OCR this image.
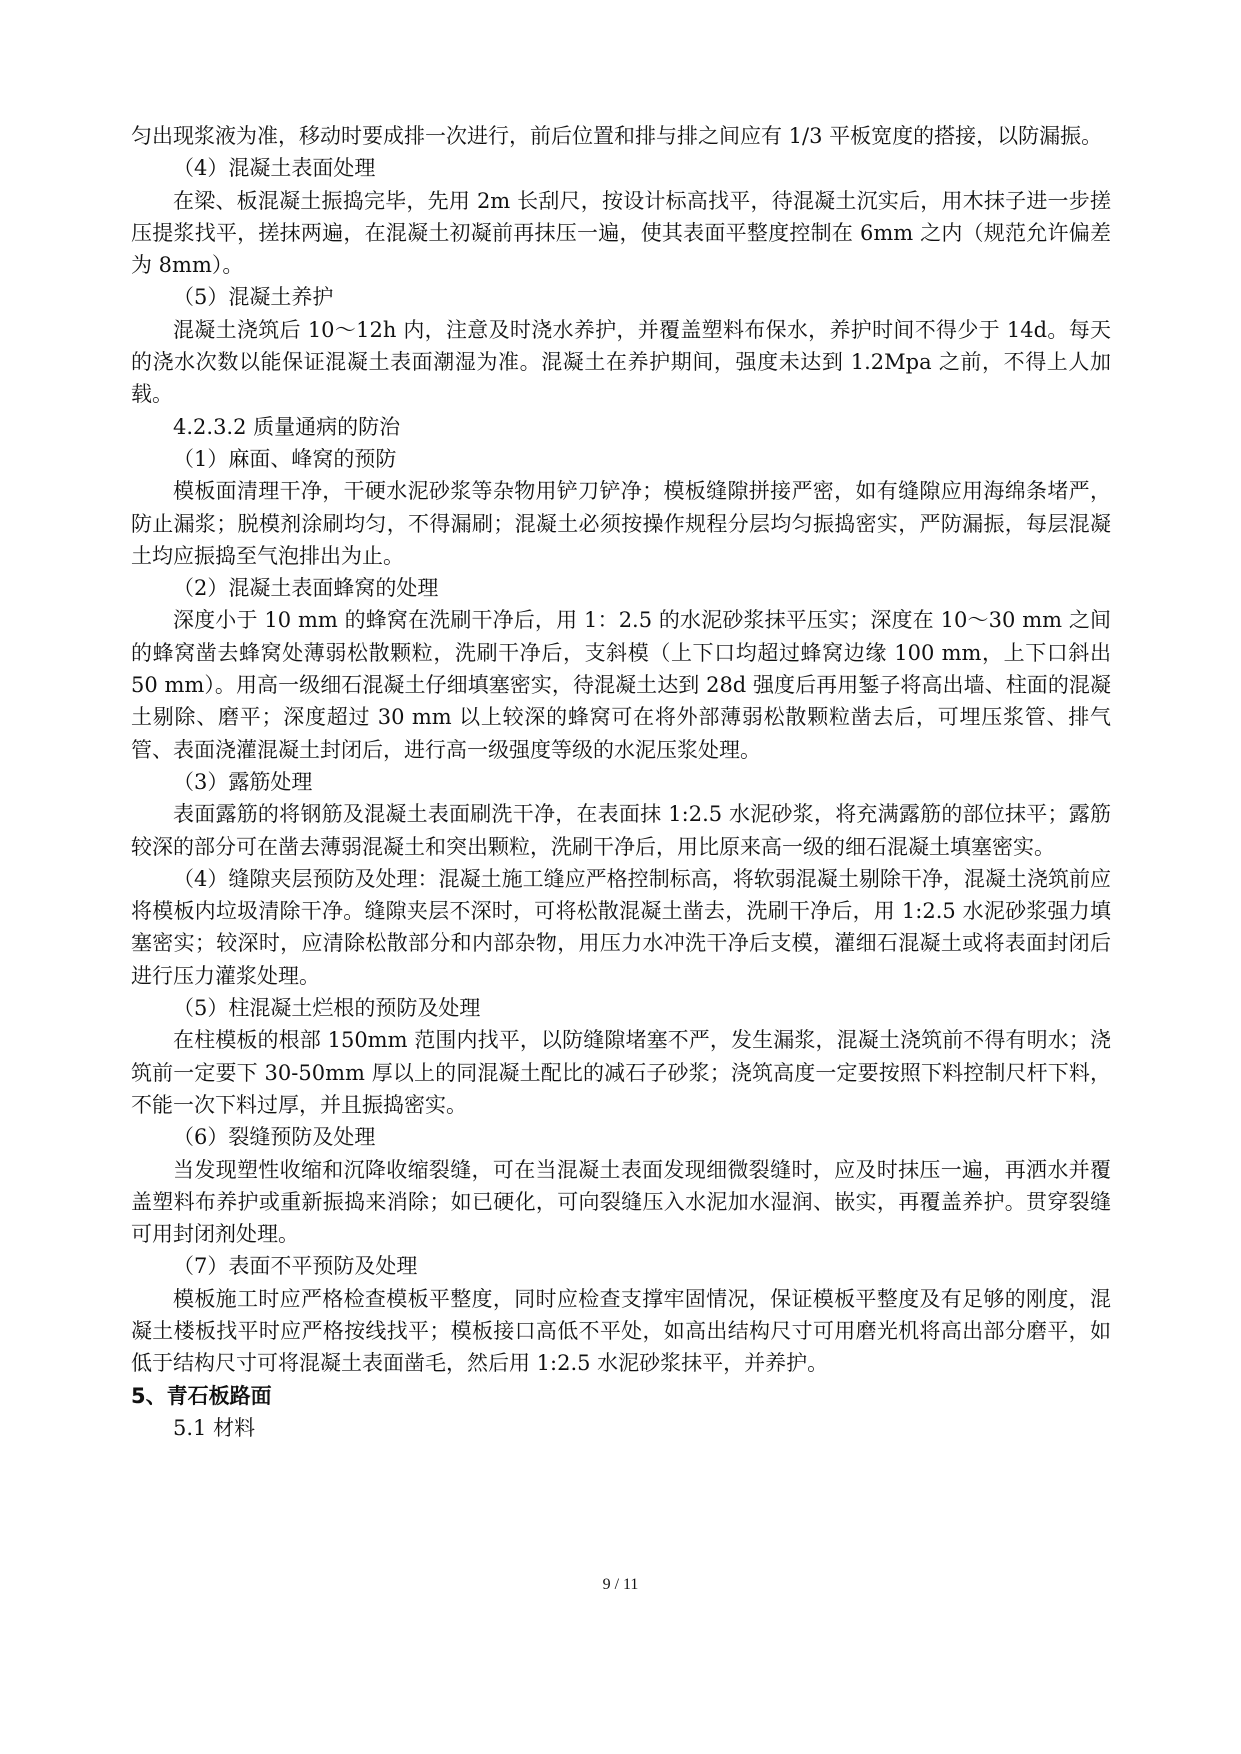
匀出现浆液为准，移动时要成排一次进行，前后位置和排与排之间应有 1/3 平板宽度的搭接，以防漏振。

（4）混凝土表面处理

在梁、板混凝土振捣完毕，先用 2m 长刮尺，按设计标高找平，待混凝土沉实后，用木抹子进一步搓压提浆找平，搓抹两遍，在混凝土初凝前再抹压一遍，使其表面平整度控制在 6mm 之内（规范允许偏差为 8mm）。

（5）混凝土养护

混凝土浇筑后 10～12h 内，注意及时浇水养护，并覆盖塑料布保水，养护时间不得少于 14d。每天的浇水次数以能保证混凝土表面潮湿为准。混凝土在养护期间，强度未达到 1.2Mpa 之前，不得上人加载。

4.2.3.2 质量通病的防治

（1）麻面、峰窝的预防

模板面清理干净，干硬水泥砂浆等杂物用铲刀铲净；模板缝隙拼接严密，如有缝隙应用海绵条堵严，防止漏浆；脱模剂涂刷均匀，不得漏刷；混凝土必须按操作规程分层均匀振捣密实，严防漏振，每层混凝土均应振捣至气泡排出为止。

（2）混凝土表面蜂窝的处理

深度小于 10 mm 的蜂窝在洗刷干净后，用 1：2.5 的水泥砂浆抹平压实；深度在 10～30 mm 之间的蜂窝凿去蜂窝处薄弱松散颗粒，洗刷干净后，支斜模（上下口均超过蜂窝边缘 100 mm，上下口斜出 50 mm）。用高一级细石混凝土仔细填塞密实，待混凝土达到 28d 强度后再用錾子将高出墙、柱面的混凝土剔除、磨平；深度超过 30 mm 以上较深的蜂窝可在将外部薄弱松散颗粒凿去后，可埋压浆管、排气管、表面浇灌混凝土封闭后，进行高一级强度等级的水泥压浆处理。

（3）露筋处理

表面露筋的将钢筋及混凝土表面刷洗干净，在表面抹 1:2.5 水泥砂浆，将充满露筋的部位抹平；露筋较深的部分可在凿去薄弱混凝土和突出颗粒，洗刷干净后，用比原来高一级的细石混凝土填塞密实。

（4）缝隙夹层预防及处理：混凝土施工缝应严格控制标高，将软弱混凝土剔除干净，混凝土浇筑前应将模板内垃圾清除干净。缝隙夹层不深时，可将松散混凝土凿去，洗刷干净后，用 1:2.5 水泥砂浆强力填塞密实；较深时，应清除松散部分和内部杂物，用压力水冲洗干净后支模，灌细石混凝土或将表面封闭后进行压力灌浆处理。

（5）柱混凝土烂根的预防及处理

在柱模板的根部 150mm 范围内找平，以防缝隙堵塞不严，发生漏浆，混凝土浇筑前不得有明水；浇筑前一定要下 30-50mm 厚以上的同混凝土配比的减石子砂浆；浇筑高度一定要按照下料控制尺杆下料，不能一次下料过厚，并且振捣密实。

（6）裂缝预防及处理

当发现塑性收缩和沉降收缩裂缝，可在当混凝土表面发现细微裂缝时，应及时抹压一遍，再洒水并覆盖塑料布养护或重新振捣来消除；如已硬化，可向裂缝压入水泥加水湿润、嵌实，再覆盖养护。贯穿裂缝可用封闭剂处理。

（7）表面不平预防及处理

模板施工时应严格检查模板平整度，同时应检查支撑牢固情况，保证模板平整度及有足够的刚度，混凝土楼板找平时应严格按线找平；模板接口高低不平处，如高出结构尺寸可用磨光机将高出部分磨平，如低于结构尺寸可将混凝土表面凿毛，然后用 1:2.5 水泥砂浆抹平，并养护。

5、青石板路面

5.1 材料

9 / 11
